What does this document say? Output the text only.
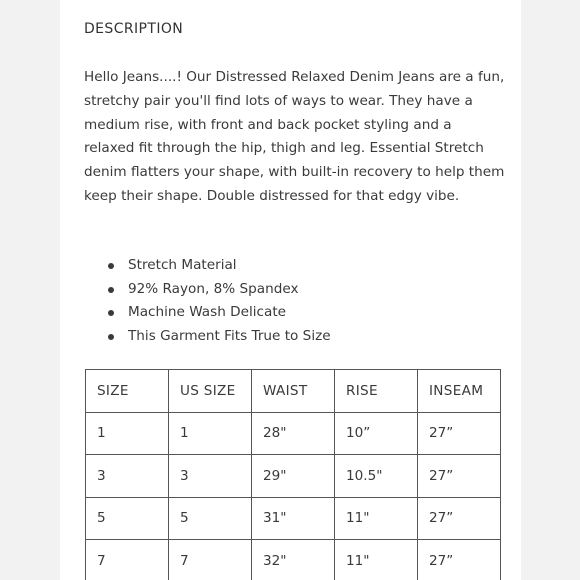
DESCRIPTION

Hello Jeans....! Our Distressed Relaxed Denim Jeans are a fun, stretchy pair you'll find lots of ways to wear. They have a medium rise, with front and back pocket styling and a relaxed fit through the hip, thigh and leg. Essential Stretch denim flatters your shape, with built-in recovery to help them keep their shape. Double distressed for that edgy vibe.

Stretch Material
92% Rayon, 8% Spandex
Machine Wash Delicate
This Garment Fits True to Size
SIZE	US SIZE	WAIST	RISE	INSEAM
1	1	28"	10”	27”
3	3	29"	10.5"	27”
5	5	31"	11"	27”
7	7	32"	11"	27”
